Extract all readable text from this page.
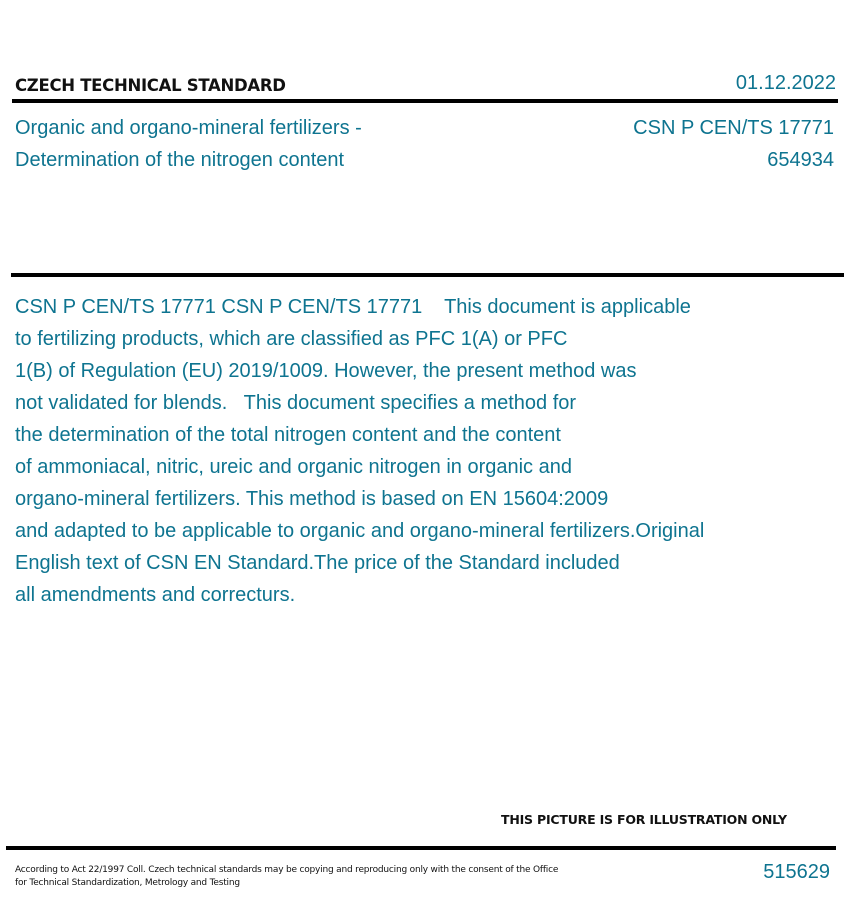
CZECH TECHNICAL STANDARD	01.12.2022
Organic and organo-mineral fertilizers -
Determination of the nitrogen content
CSN P CEN/TS 17771
654934

CSN P CEN/TS 17771 CSN P CEN/TS 17771    This document is applicable
to fertilizing products, which are classified as PFC 1(A) or PFC
1(B) of Regulation (EU) 2019/1009. However, the present method was
not validated for blends.   This document specifies a method for
the determination of the total nitrogen content and the content
of ammoniacal, nitric, ureic and organic nitrogen in organic and
organo-mineral fertilizers. This method is based on EN 15604:2009
and adapted to be applicable to organic and organo-mineral fertilizers.Original
English text of CSN EN Standard.The price of the Standard included
all amendments and correcturs.

THIS PICTURE IS FOR ILLUSTRATION ONLY
According to Act 22/1997 Coll. Czech technical standards may be copying and reproducing only with the consent of the Office
for Technical Standardization, Metrology and Testing	515629
